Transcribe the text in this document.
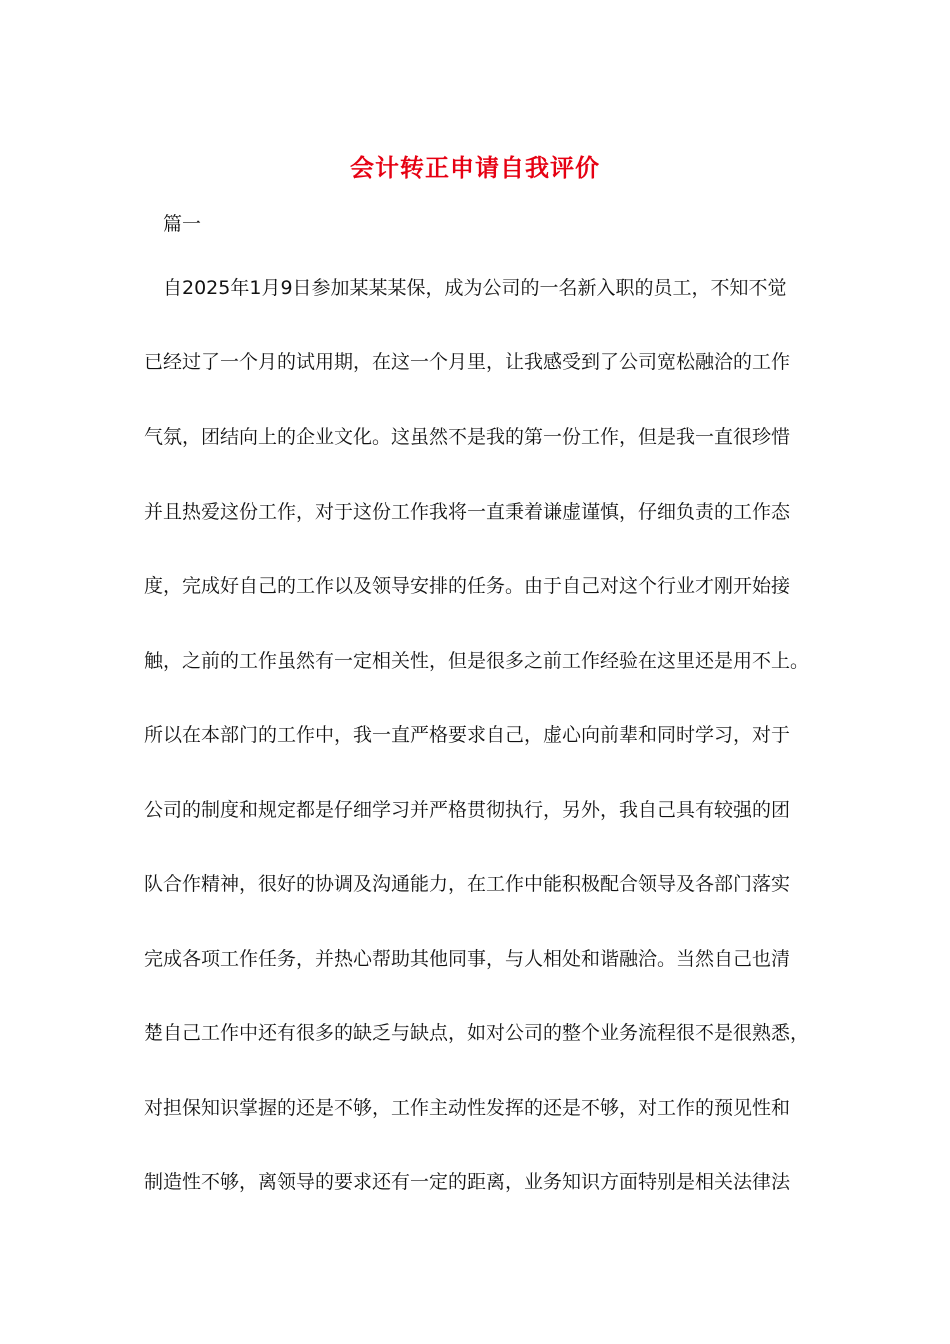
会计转正申请自我评价
篇一
自2025年1月9日参加某某某保，成为公司的一名新入职的员工，不知不觉
已经过了一个月的试用期，在这一个月里，让我感受到了公司宽松融洽的工作
气氛，团结向上的企业文化。这虽然不是我的第一份工作，但是我一直很珍惜
并且热爱这份工作，对于这份工作我将一直秉着谦虚谨慎，仔细负责的工作态
度，完成好自己的工作以及领导安排的任务。由于自己对这个行业才刚开始接
触，之前的工作虽然有一定相关性，但是很多之前工作经验在这里还是用不上。
所以在本部门的工作中，我一直严格要求自己，虚心向前辈和同时学习，对于
公司的制度和规定都是仔细学习并严格贯彻执行，另外，我自己具有较强的团
队合作精神，很好的协调及沟通能力，在工作中能积极配合领导及各部门落实
完成各项工作任务，并热心帮助其他同事，与人相处和谐融洽。当然自己也清
楚自己工作中还有很多的缺乏与缺点，如对公司的整个业务流程很不是很熟悉，
对担保知识掌握的还是不够，工作主动性发挥的还是不够，对工作的预见性和
制造性不够，离领导的要求还有一定的距离，业务知识方面特别是相关法律法
